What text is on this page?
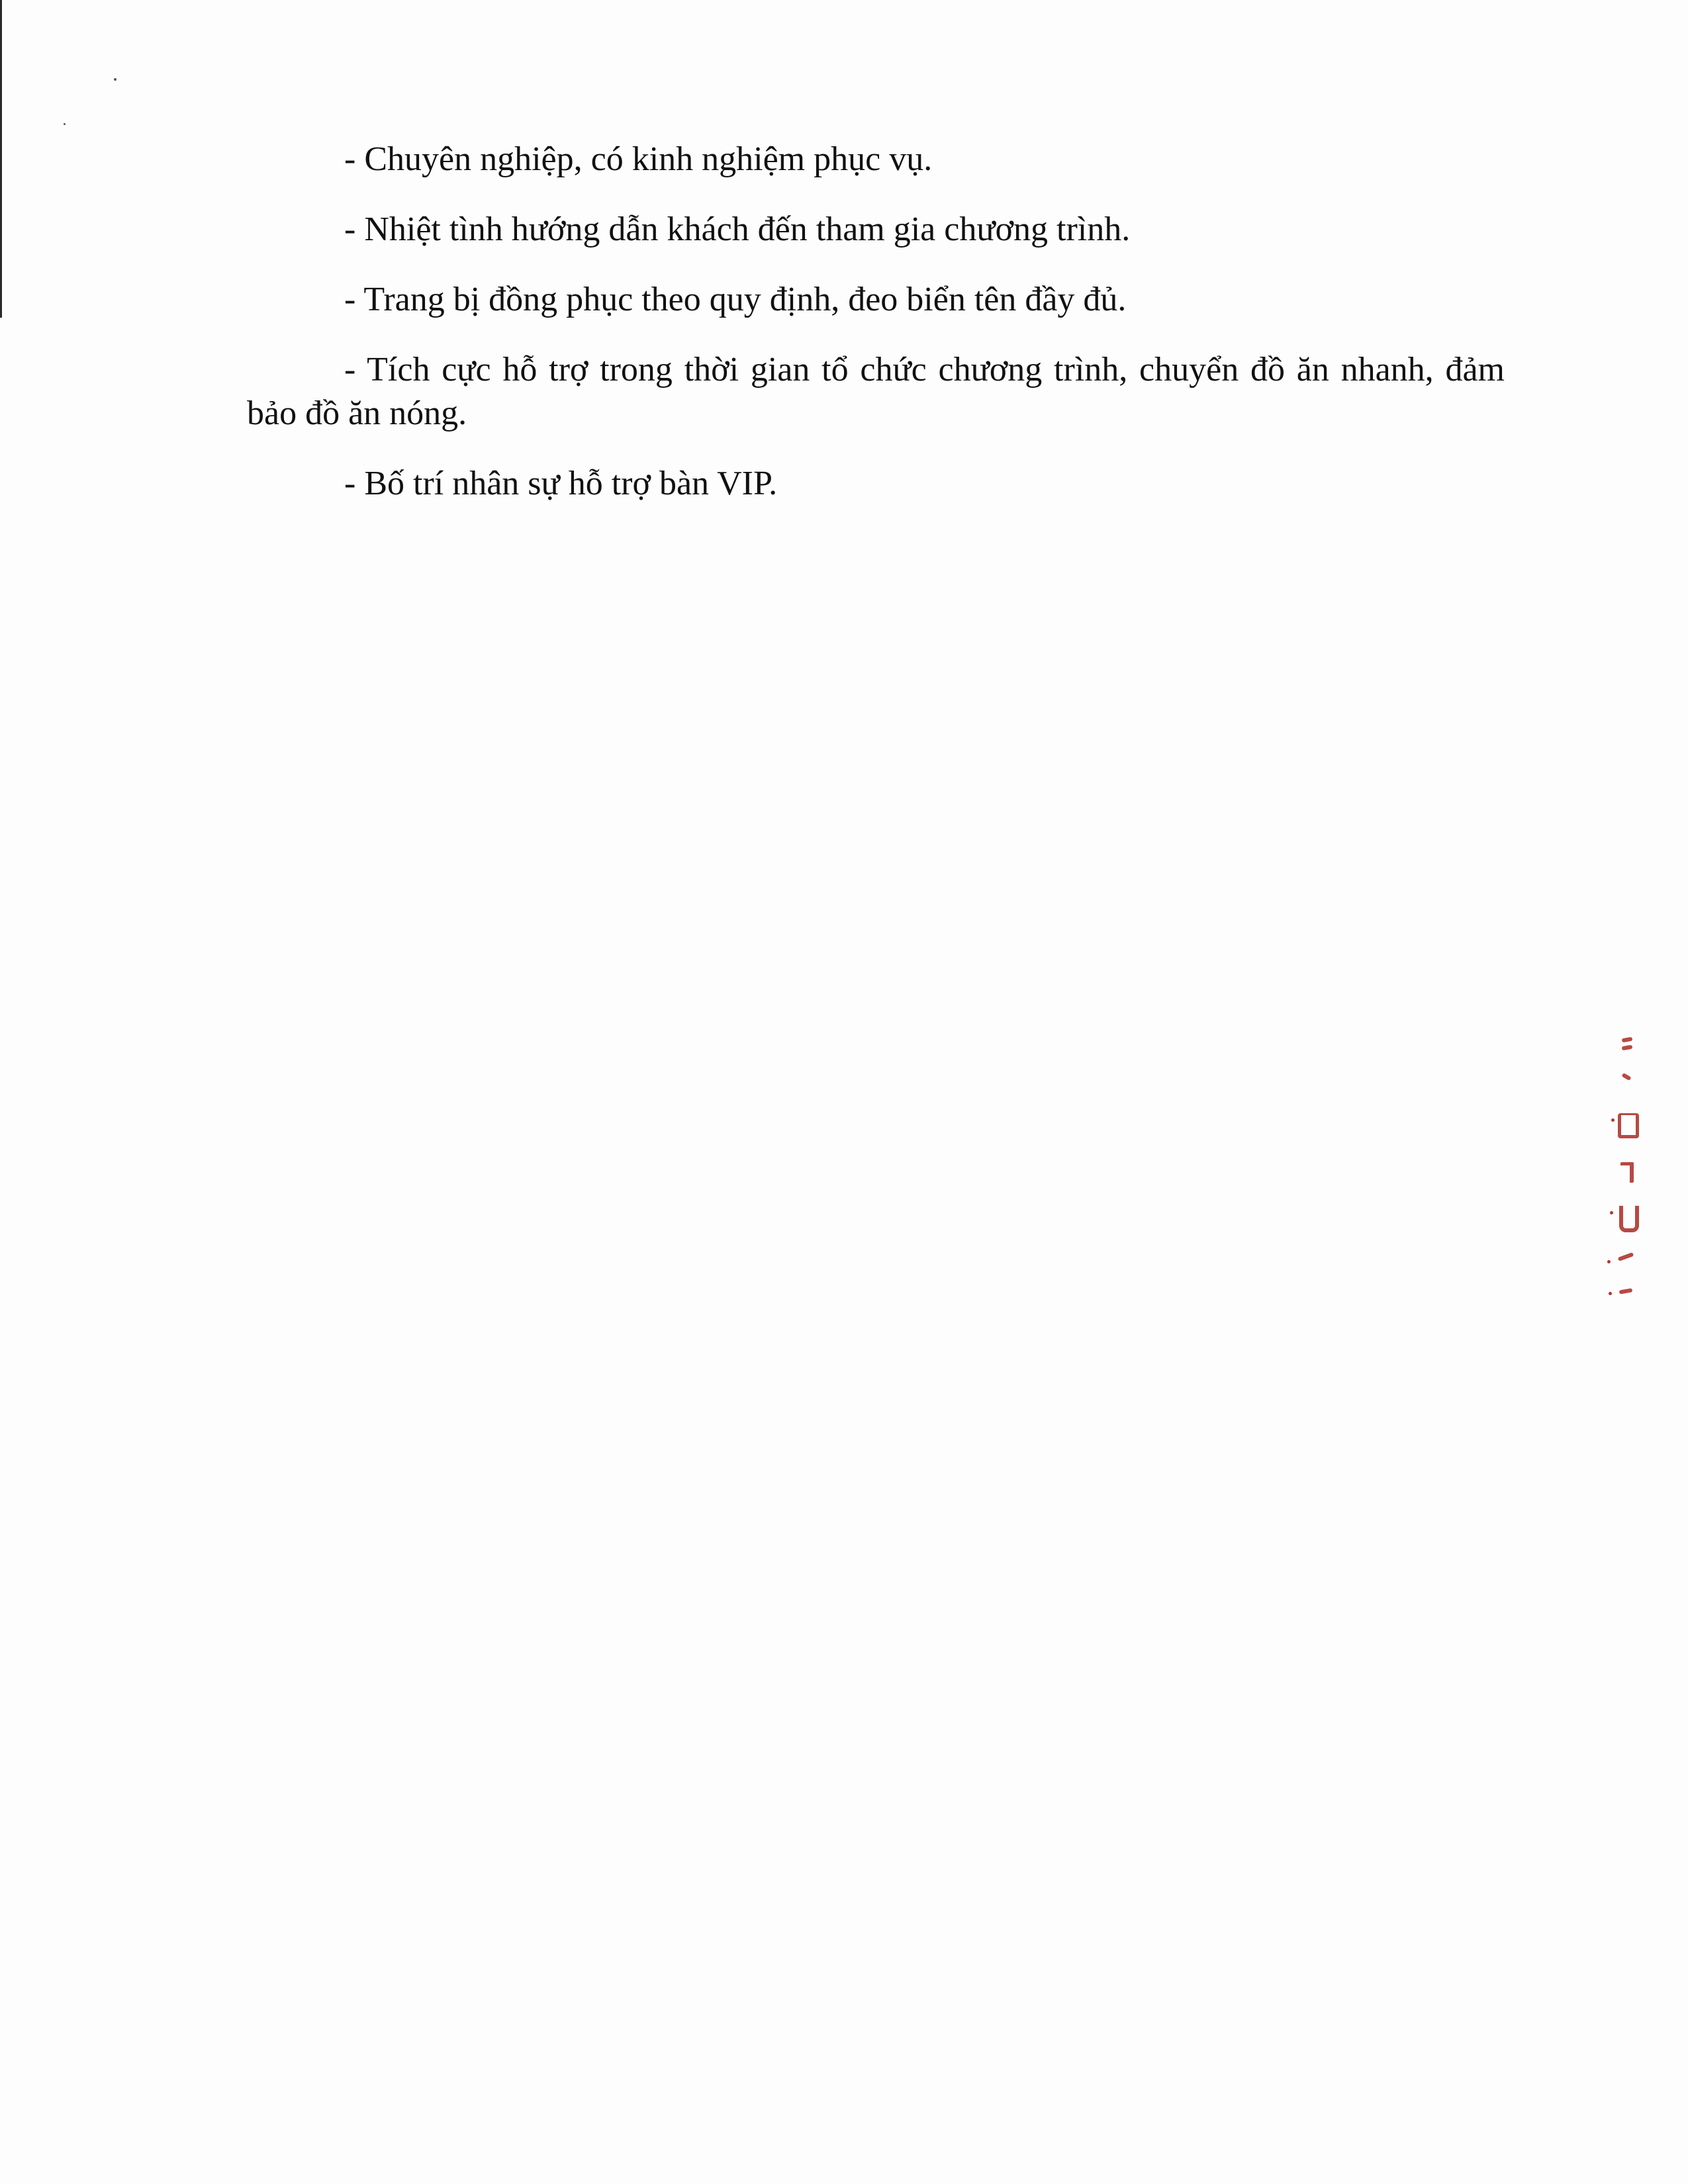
- Chuyên nghiệp, có kinh nghiệm phục vụ.

- Nhiệt tình hướng dẫn khách đến tham gia chương trình.

- Trang bị đồng phục theo quy định, đeo biển tên đầy đủ.

- Tích cực hỗ trợ trong thời gian tổ chức chương trình, chuyển đồ ăn nhanh, đảm bảo đồ ăn nóng.

- Bố trí nhân sự hỗ trợ bàn VIP.
